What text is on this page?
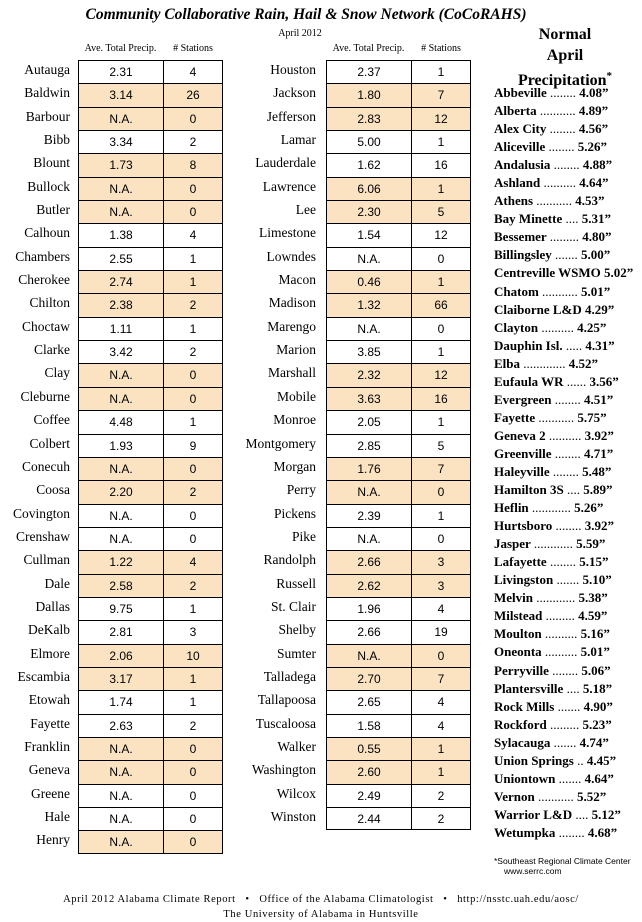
Community Collaborative Rain, Hail & Snow Network (CoCoRAHS)
April 2012
Ave. Total Precip.	# Stations	Ave. Total Precip.	# Stations
Autauga	2.31	4
Baldwin	3.14	26
Barbour	N.A.	0
Bibb	3.34	2
Blount	1.73	8
Bullock	N.A.	0
Butler	N.A.	0
Calhoun	1.38	4
Chambers	2.55	1
Cherokee	2.74	1
Chilton	2.38	2
Choctaw	1.11	1
Clarke	3.42	2
Clay	N.A.	0
Cleburne	N.A.	0
Coffee	4.48	1
Colbert	1.93	9
Conecuh	N.A.	0
Coosa	2.20	2
Covington	N.A.	0
Crenshaw	N.A.	0
Cullman	1.22	4
Dale	2.58	2
Dallas	9.75	1
DeKalb	2.81	3
Elmore	2.06	10
Escambia	3.17	1
Etowah	1.74	1
Fayette	2.63	2
Franklin	N.A.	0
Geneva	N.A.	0
Greene	N.A.	0
Hale	N.A.	0
Henry	N.A.	0
Houston	2.37	1
Jackson	1.80	7
Jefferson	2.83	12
Lamar	5.00	1
Lauderdale	1.62	16
Lawrence	6.06	1
Lee	2.30	5
Limestone	1.54	12
Lowndes	N.A.	0
Macon	0.46	1
Madison	1.32	66
Marengo	N.A.	0
Marion	3.85	1
Marshall	2.32	12
Mobile	3.63	16
Monroe	2.05	1
Montgomery	2.85	5
Morgan	1.76	7
Perry	N.A.	0
Pickens	2.39	1
Pike	N.A.	0
Randolph	2.66	3
Russell	2.62	3
St. Clair	1.96	4
Shelby	2.66	19
Sumter	N.A.	0
Talladega	2.70	7
Tallapoosa	2.65	4
Tuscaloosa	1.58	4
Walker	0.55	1
Washington	2.60	1
Wilcox	2.49	2
Winston	2.44	2
Normal
April
Precipitation*
Abbeville ........ 4.08”
Alberta ........... 4.89”
Alex City ........ 4.56”
Aliceville ........ 5.26”
Andalusia ........ 4.88”
Ashland .......... 4.64”
Athens ........... 4.53”
Bay Minette .... 5.31”
Bessemer ......... 4.80”
Billingsley ....... 5.00”
Centreville WSMO 5.02”
Chatom ........... 5.01”
Claiborne L&D 4.29”
Clayton .......... 4.25”
Dauphin Isl. ..... 4.31”
Elba ............. 4.52”
Eufaula WR ...... 3.56”
Evergreen ........ 4.51”
Fayette ........... 5.75”
Geneva 2 .......... 3.92”
Greenville ........ 4.71”
Haleyville ........ 5.48”
Hamilton 3S .... 5.89”
Heflin ............ 5.26”
Hurtsboro ........ 3.92”
Jasper ............ 5.59”
Lafayette ........ 5.15”
Livingston ....... 5.10”
Melvin ............ 5.38”
Milstead ......... 4.59”
Moulton .......... 5.16”
Oneonta .......... 5.01”
Perryville ........ 5.06”
Plantersville .... 5.18”
Rock Mills ....... 4.90”
Rockford ......... 5.23”
Sylacauga ....... 4.74”
Union Springs .. 4.45”
Uniontown ....... 4.64”
Vernon ........... 5.52”
Warrior L&D .... 5.12”
Wetumpka ........ 4.68”
*Southeast Regional Climate Center
www.serrc.com
April 2012 Alabama Climate Report • Office of the Alabama Climatologist • http://nsstc.uah.edu/aosc/
The University of Alabama in Huntsville
